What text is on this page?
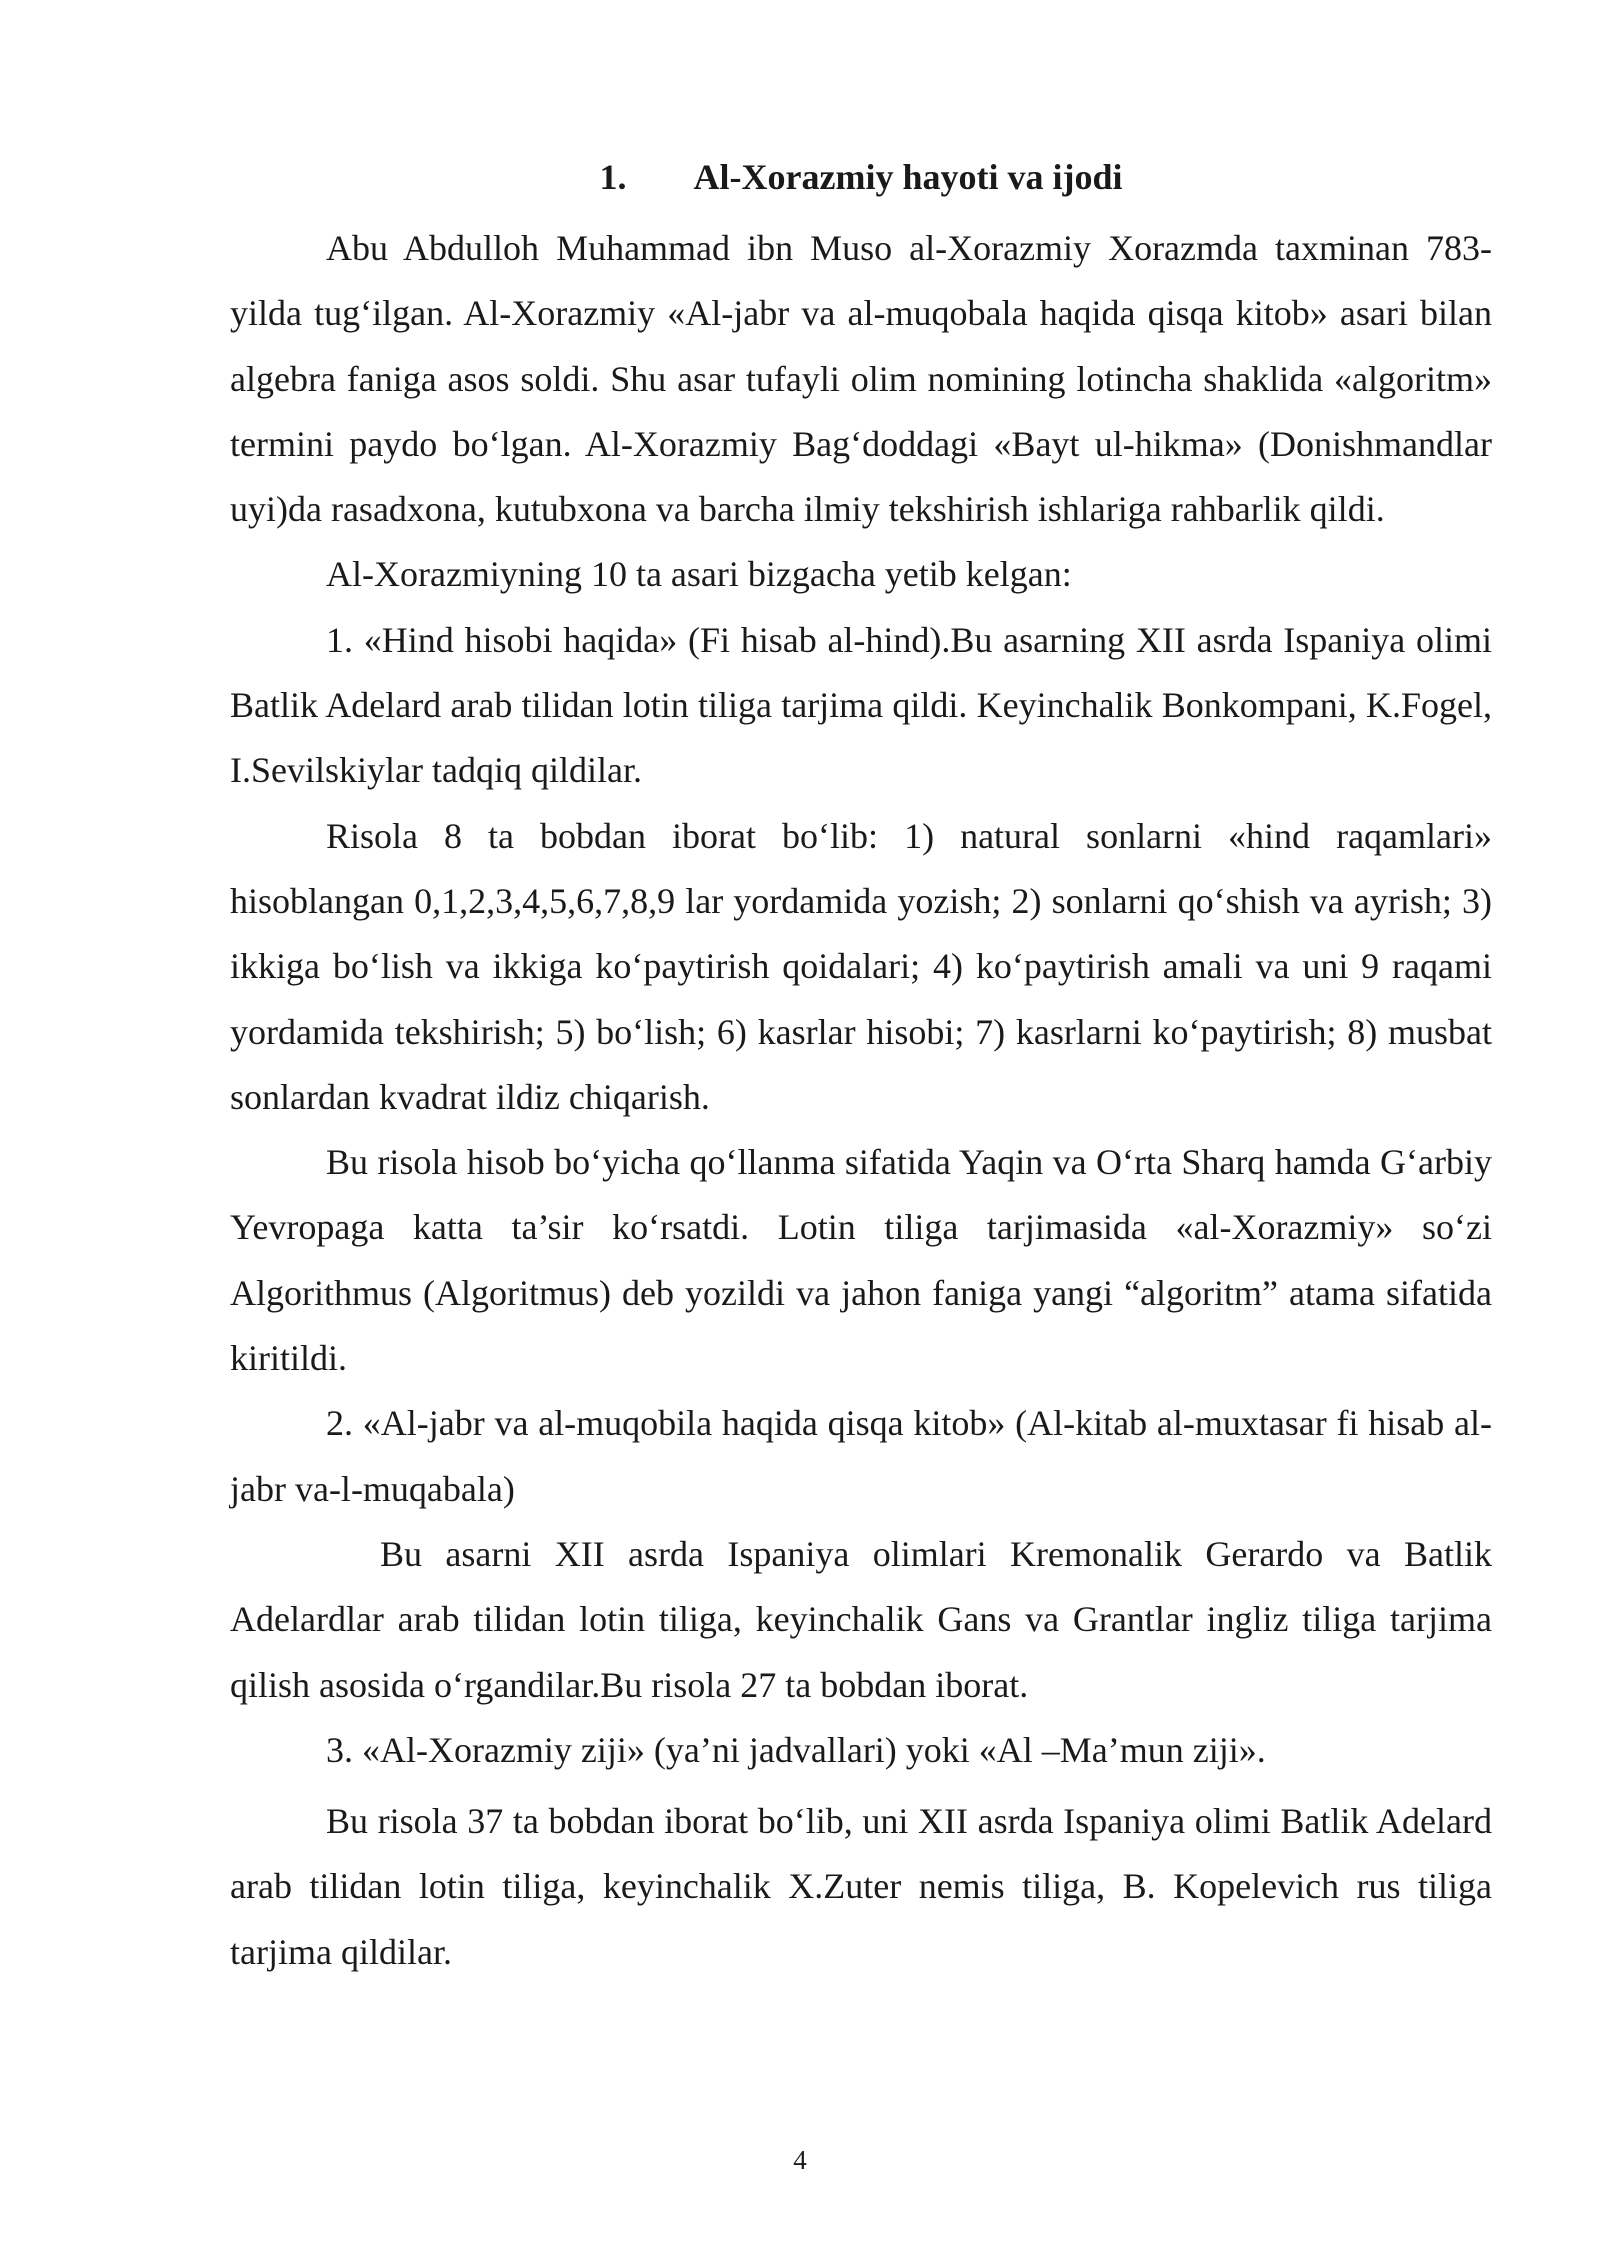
1. Al-Xorazmiy hayoti va ijodi

Abu Abdulloh Muhammad ibn Muso al-Xorazmiy Xorazmda taxminan 783-yilda tug‘ilgan. Al-Xorazmiy «Al-jabr va al-muqobala haqida qisqa kitob» asari bilan algebra faniga asos soldi. Shu asar tufayli olim nomining lotincha shaklida «algoritm» termini paydo bo‘lgan. Al-Xorazmiy Bag‘doddagi «Bayt ul-hikma» (Donishmandlar uyi)da rasadxona, kutubxona va barcha ilmiy tekshirish ishlariga rahbarlik qildi.

Al-Xorazmiyning 10 ta asari bizgacha yetib kelgan:

1. «Hind hisobi haqida» (Fi hisab al-hind).Bu asarning XII asrda Ispaniya olimi Batlik Adelard arab tilidan lotin tiliga tarjima qildi. Keyinchalik Bonkompani, K.Fogel, I.Sevilskiylar tadqiq qildilar.

Risola 8 ta bobdan iborat bo‘lib: 1) natural sonlarni «hind raqamlari» hisoblangan 0,1,2,3,4,5,6,7,8,9 lar yordamida yozish; 2) sonlarni qo‘shish va ayrish; 3) ikkiga bo‘lish va ikkiga ko‘paytirish qoidalari; 4) ko‘paytirish amali va uni 9 raqami yordamida tekshirish; 5) bo‘lish; 6) kasrlar hisobi; 7) kasrlarni ko‘paytirish; 8) musbat sonlardan kvadrat ildiz chiqarish.

Bu risola hisob bo‘yicha qo‘llanma sifatida Yaqin va O‘rta Sharq hamda G‘arbiy Yevropaga katta ta’sir ko‘rsatdi. Lotin tiliga tarjimasida «al-Xorazmiy» so‘zi Algorithmus (Algoritmus) deb yozildi va jahon faniga yangi “algoritm” atama sifatida kiritildi.

2. «Al-jabr va al-muqobila haqida qisqa kitob» (Al-kitab al-muxtasar fi hisab al-jabr va-l-muqabala)

Bu asarni XII asrda Ispaniya olimlari Kremonalik Gerardo va Batlik Adelardlar arab tilidan lotin tiliga, keyinchalik Gans va Grantlar ingliz tiliga tarjima qilish asosida o‘rgandilar.Bu risola 27 ta bobdan iborat.

3. «Al-Xorazmiy ziji» (ya’ni jadvallari) yoki «Al –Ma’mun ziji».

Bu risola 37 ta bobdan iborat bo‘lib, uni XII asrda Ispaniya olimi Batlik Adelard arab tilidan lotin tiliga, keyinchalik X.Zuter nemis tiliga, B. Kopelevich rus tiliga tarjima qildilar.

4
